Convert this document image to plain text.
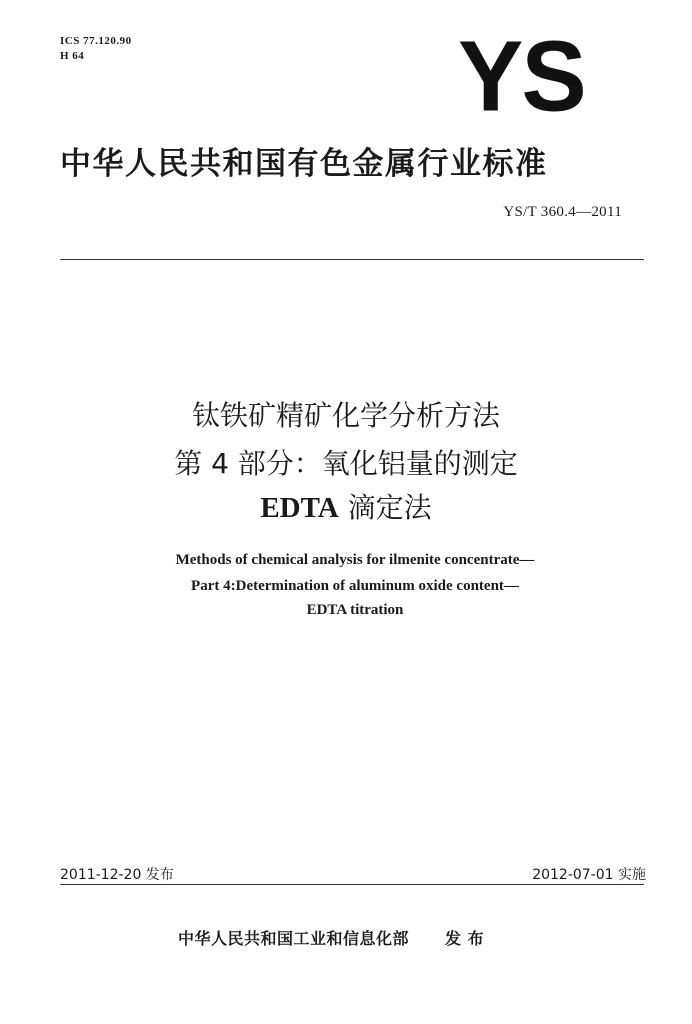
ICS 77.120.90
H 64	YS
中华人民共和国有色金属行业标准
YS/T 360.4—2011
钛铁矿精矿化学分析方法
第 4 部分：氧化铝量的测定
EDTA 滴定法
Methods of chemical analysis for ilmenite concentrate—
Part 4:Determination of aluminum oxide content—
EDTA titration
2011-12-20 发布	2012-07-01 实施
中华人民共和国工业和信息化部 发 布
